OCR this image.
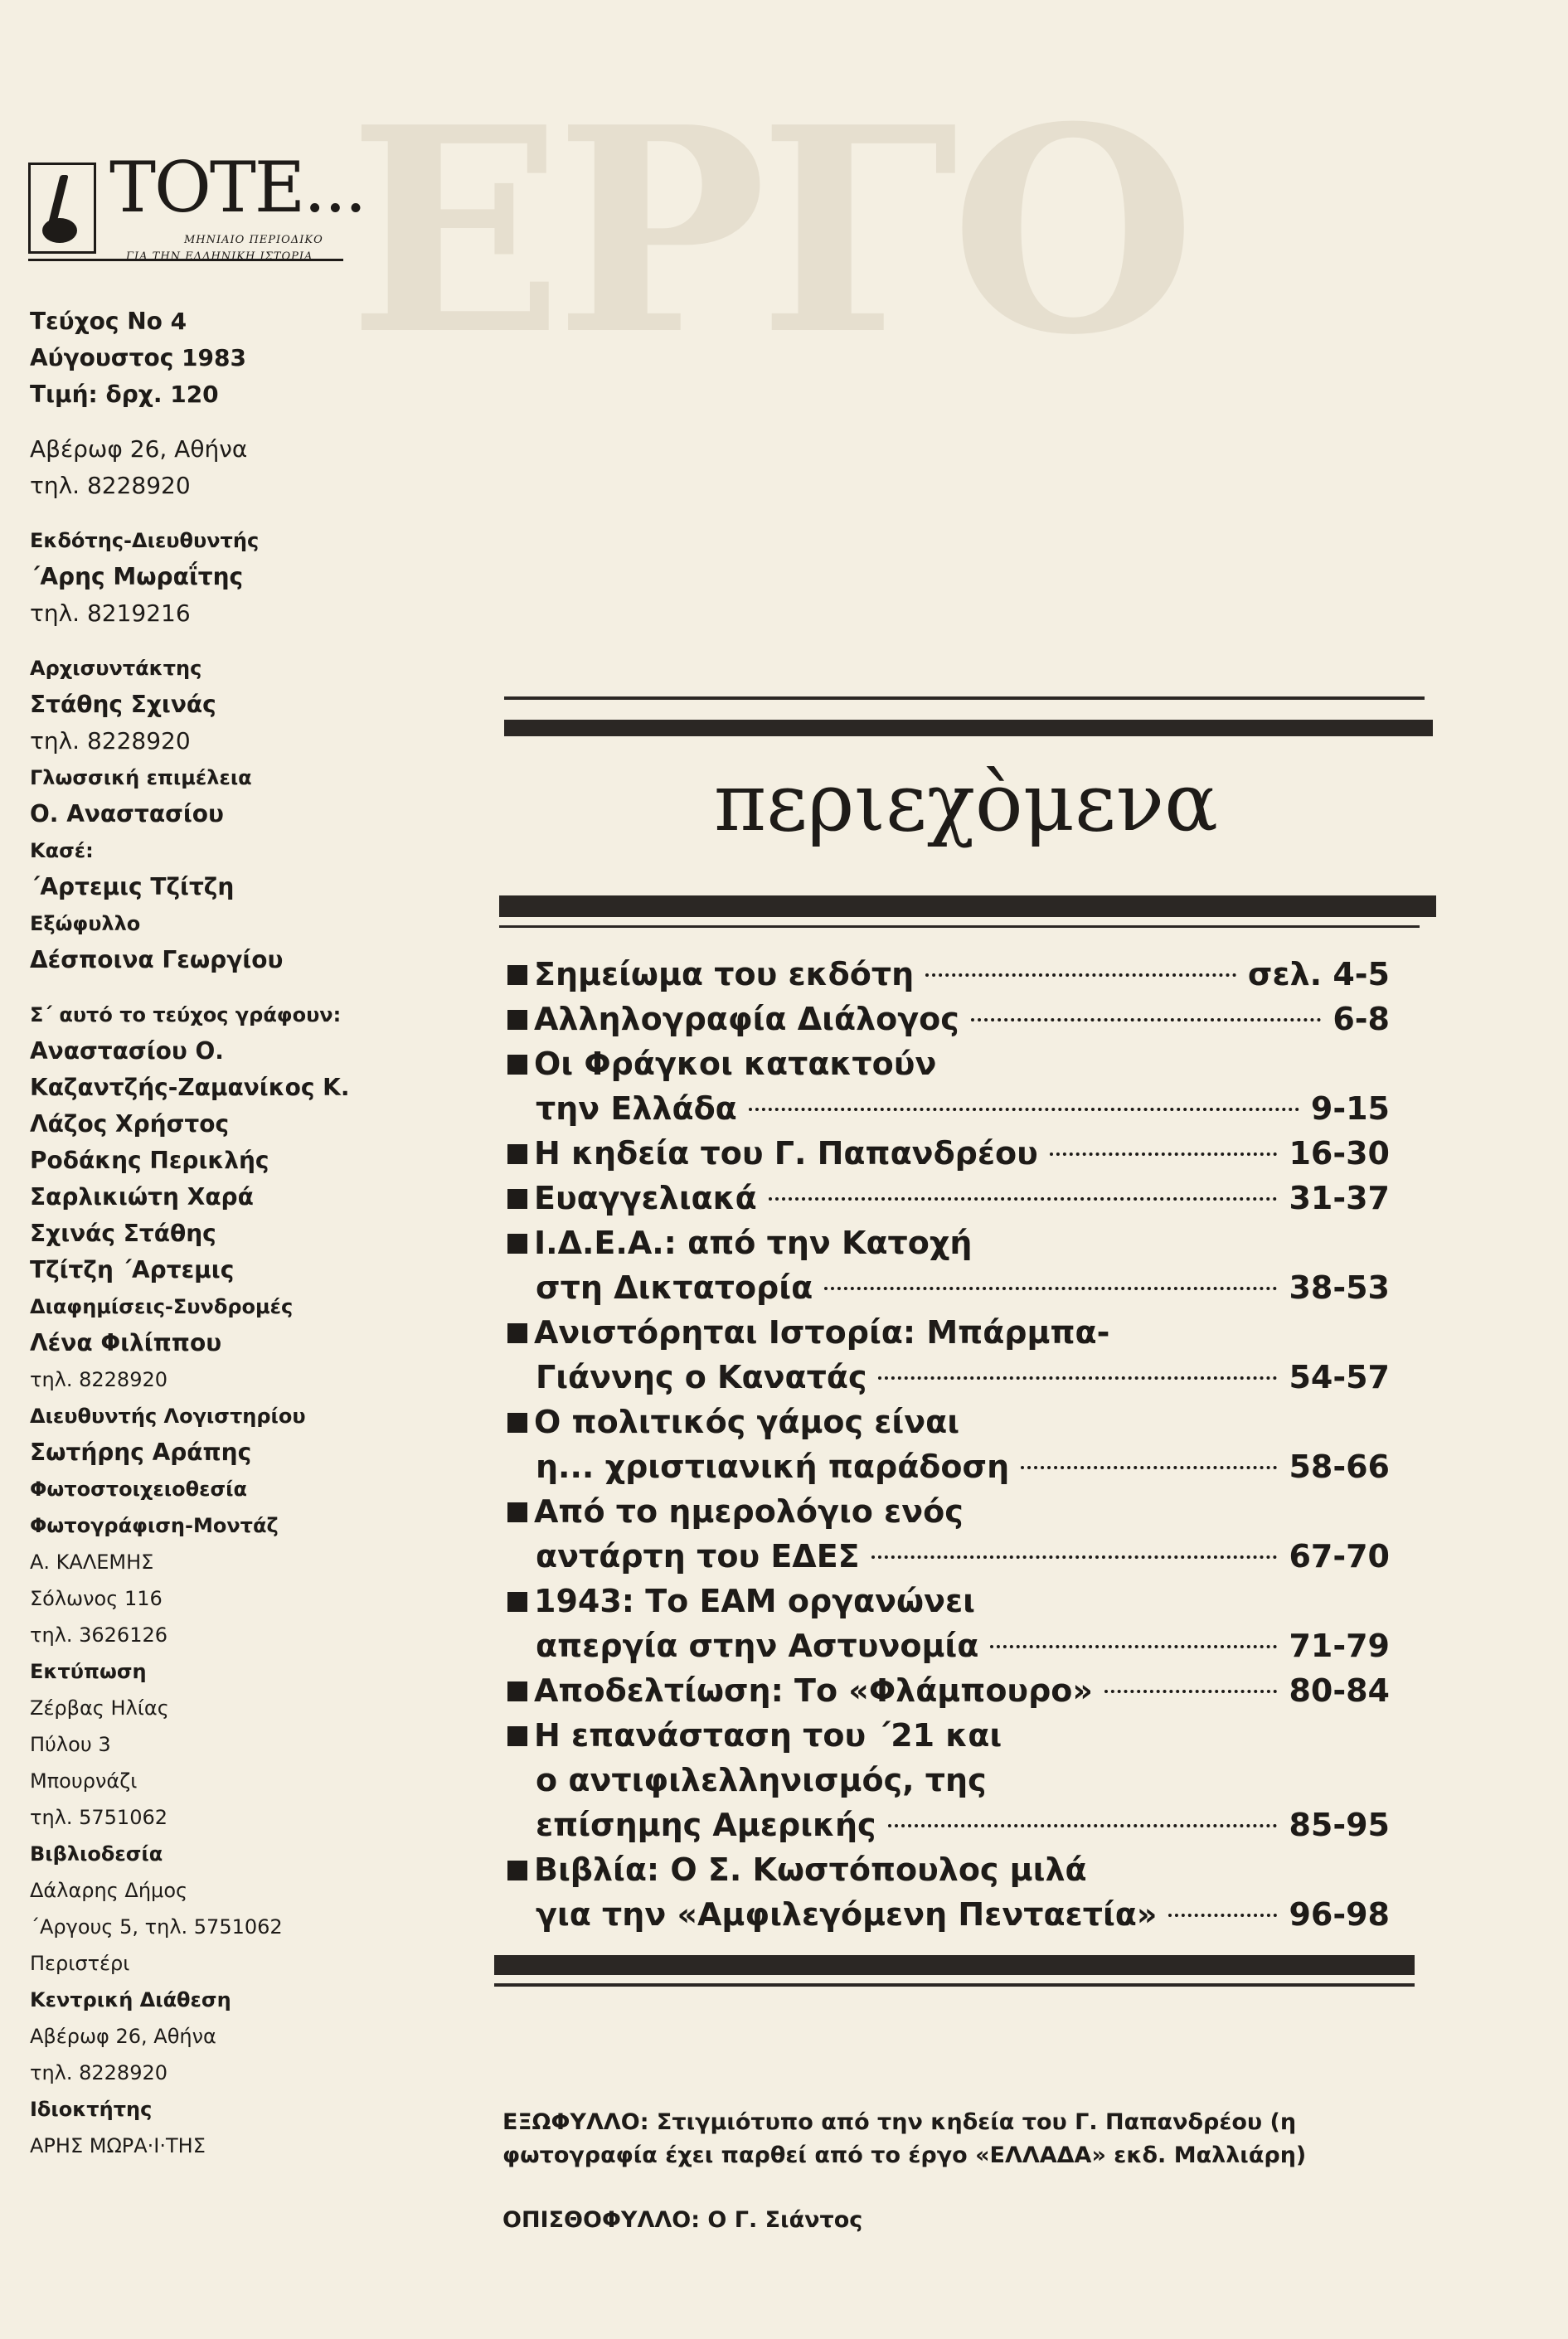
ΕΡΓΟ
ΤΟΤΕ...
ΜΗΝΙΑΙΟ ΠΕΡΙΟΔΙΚΟ
ΓΙΑ ΤΗΝ ΕΛΛΗΝΙΚΗ ΙΣΤΟΡΙΑ
Τεύχος Νο 4
Αύγουστος 1983
Τιμή: δρχ. 120
Αβέρωφ 26, Αθήνα
τηλ. 8228920
Εκδότης-Διευθυντής
΄Αρης Μωραΐτης
τηλ. 8219216
Αρχισυντάκτης
Στάθης Σχινάς
τηλ. 8228920
Γλωσσική επιμέλεια
Ο. Αναστασίου
Κασέ:
΄Αρτεμις Τζίτζη
Εξώφυλλο
Δέσποινα Γεωργίου
Σ΄ αυτό το τεύχος γράφουν:
Αναστασίου Ο.
Καζαντζής-Ζαμανίκος Κ.
Λάζος Χρήστος
Ροδάκης Περικλής
Σαρλικιώτη Χαρά
Σχινάς Στάθης
Τζίτζη ΄Αρτεμις
Διαφημίσεις-Συνδρομές
Λένα Φιλίππου
τηλ. 8228920
Διευθυντής Λογιστηρίου
Σωτήρης Αράπης
Φωτοστοιχειοθεσία
Φωτογράφιση-Μοντάζ
Α. ΚΑΛΕΜΗΣ
Σόλωνος 116
τηλ. 3626126
Εκτύπωση
Ζέρβας Ηλίας
Πύλου 3
Μπουρνάζι
τηλ. 5751062
Βιβλιοδεσία
Δάλαρης Δήμος
΄Αργους 5, τηλ. 5751062
Περιστέρι
Κεντρική Διάθεση
Αβέρωφ 26, Αθήνα
τηλ. 8228920
Ιδιοκτήτης
ΑΡΗΣ ΜΩΡΑ·Ι·ΤΗΣ
περιεχὸμενα
Σημείωμα του εκδότη	σελ. 4-5
Αλληλογραφία Διάλογος	6-8
Οι Φράγκοι κατακτούν
την Ελλάδα	9-15
Η κηδεία του Γ. Παπανδρέου	16-30
Ευαγγελιακά	31-37
Ι.Δ.Ε.Α.: από την Κατοχή
στη Δικτατορία	38-53
Ανιστόρηται Ιστορία: Μπάρμπα-
Γιάννης ο Κανατάς	54-57
Ο πολιτικός γάμος είναι
η... χριστιανική παράδοση	58-66
Από το ημερολόγιο ενός
αντάρτη του ΕΔΕΣ	67-70
1943: Το ΕΑΜ οργανώνει
απεργία στην Αστυνομία	71-79
Αποδελτίωση: Το «Φλάμπουρο»	80-84
Η επανάσταση του ΄21 και
ο αντιφιλελληνισμός, της
επίσημης Αμερικής	85-95
Βιβλία: Ο Σ. Κωστόπουλος μιλά
για την «Αμφιλεγόμενη Πενταετία»	96-98
ΕΞΩΦΥΛΛΟ: Στιγμιότυπο από την κηδεία του Γ. Παπανδρέου (η
φωτογραφία έχει παρθεί από το έργο «ΕΛΛΑΔΑ» εκδ. Μαλλιάρη)
ΟΠΙΣΘΟΦΥΛΛΟ: Ο Γ. Σιάντος
